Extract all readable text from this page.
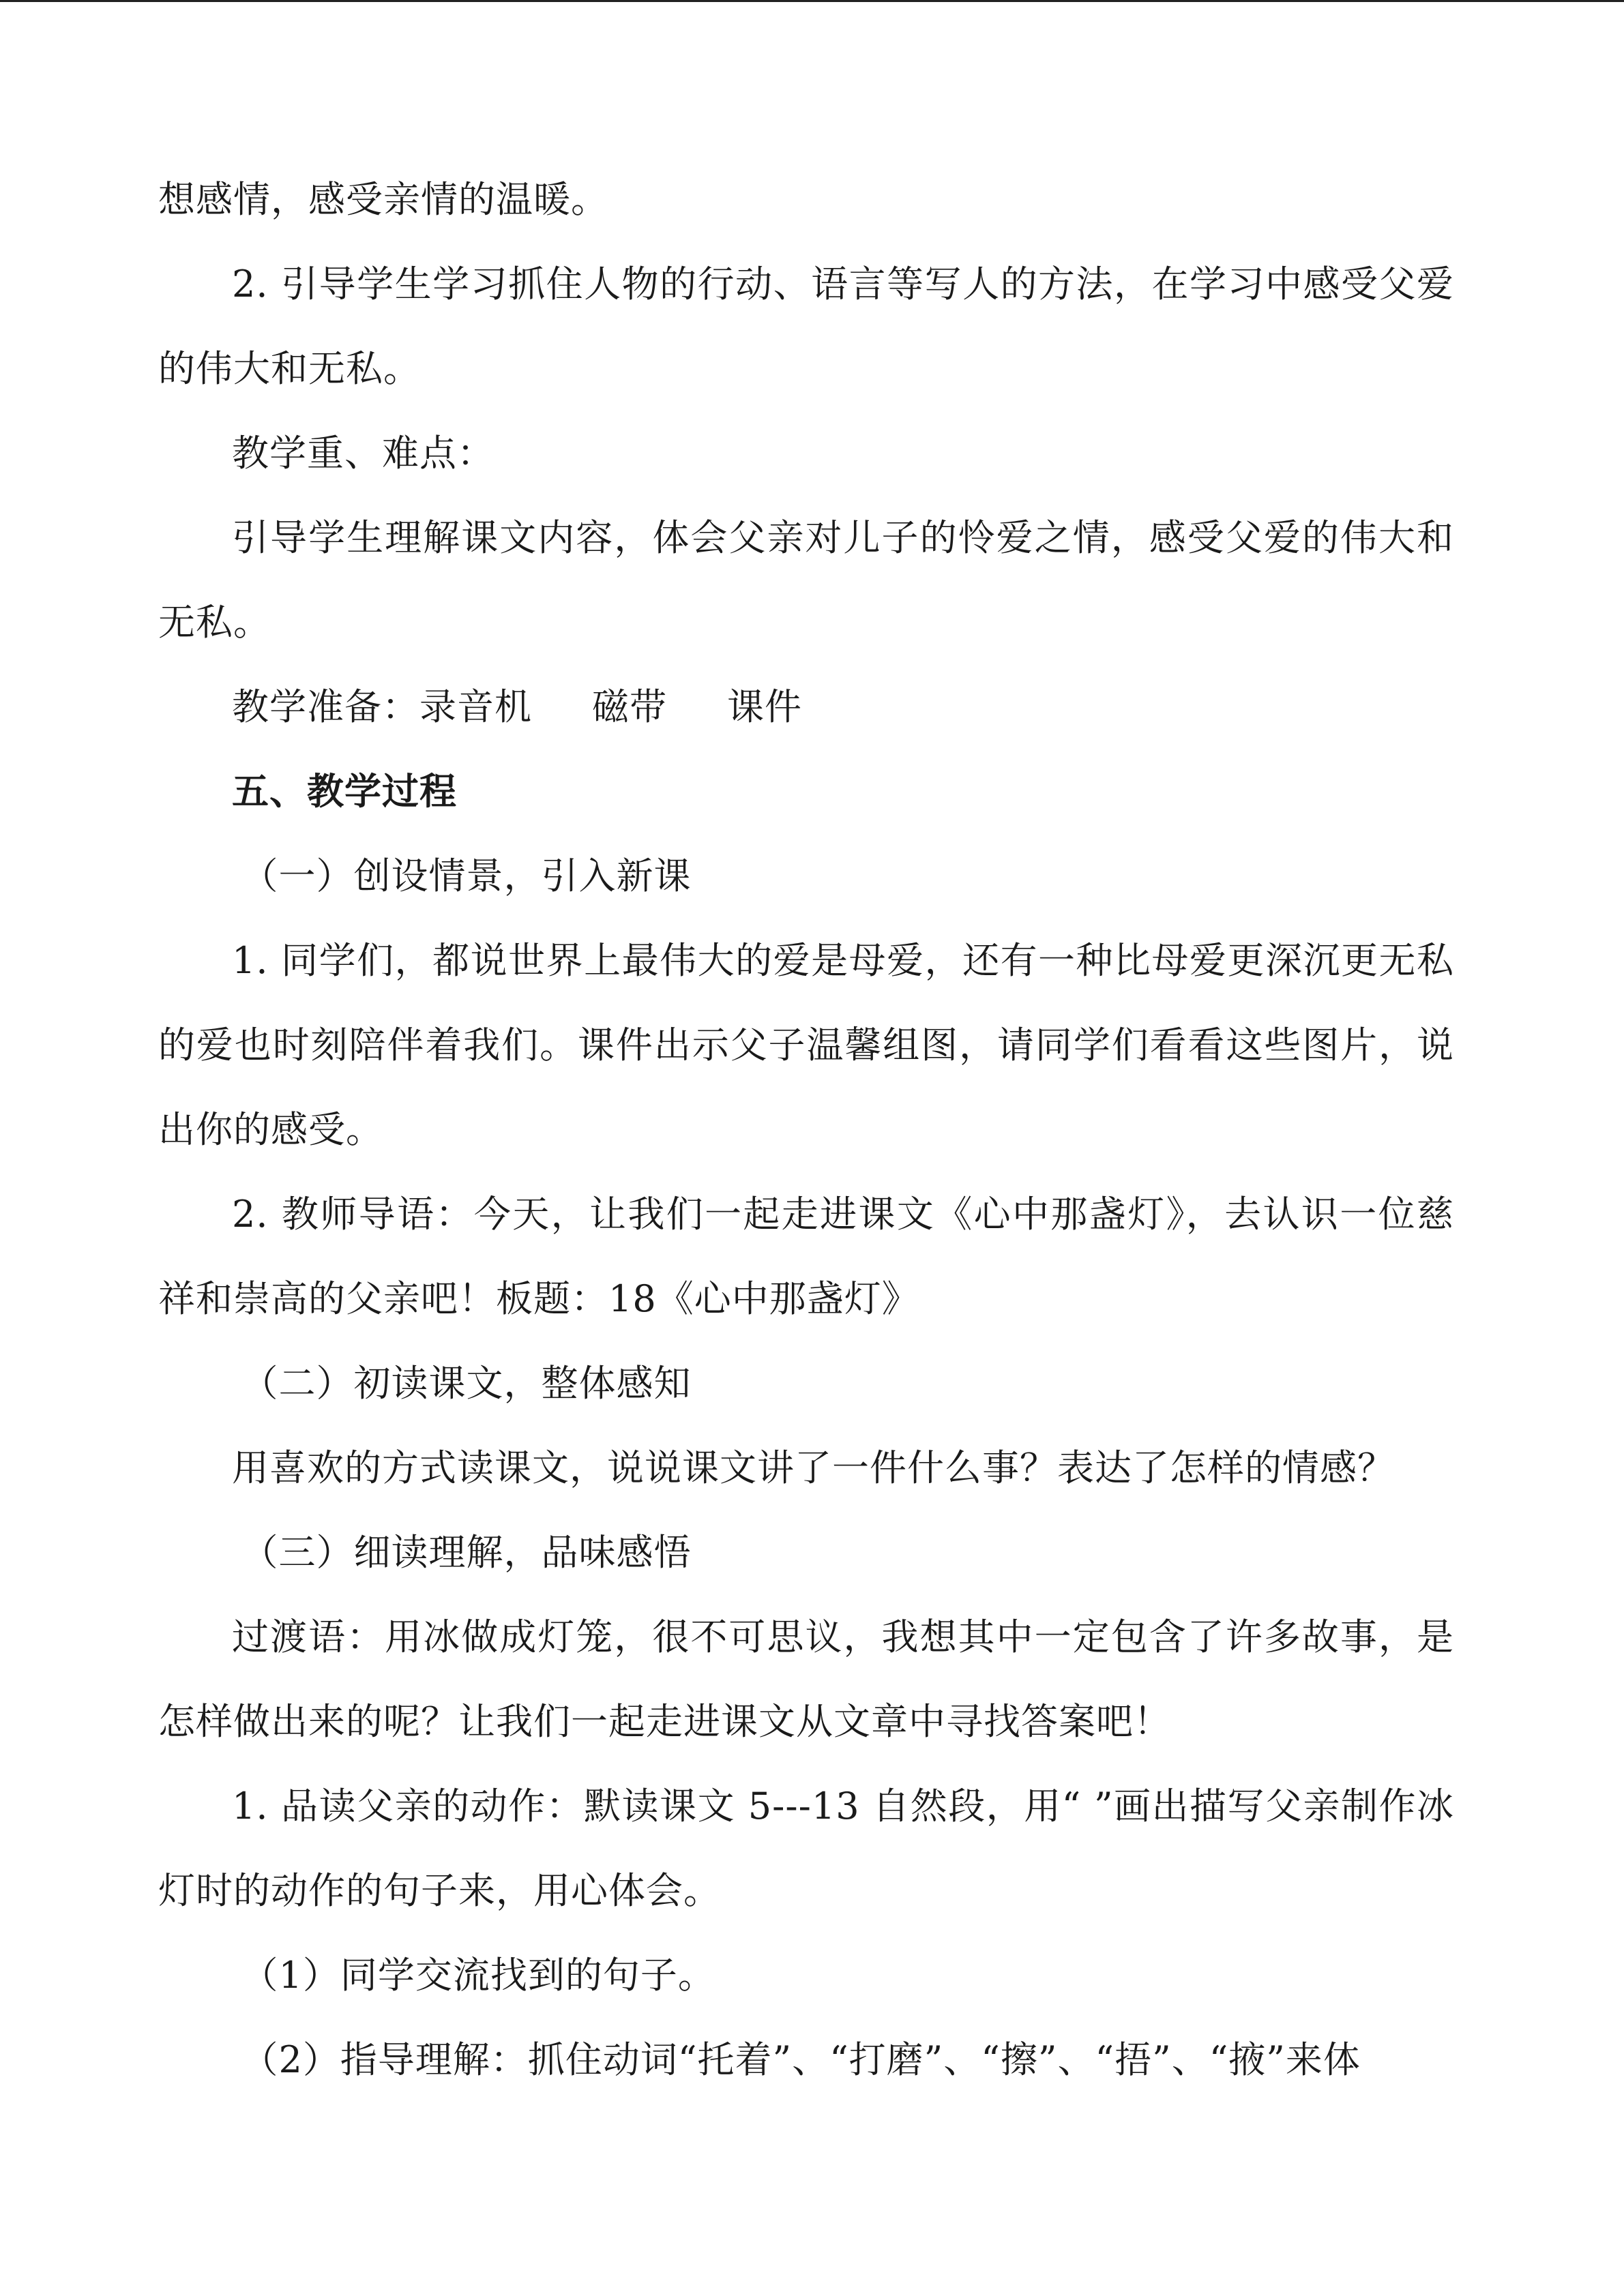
想感情，感受亲情的温暖。

2. 引导学生学习抓住人物的行动、语言等写人的方法，在学习中感受父爱的伟大和无私。

教学重、难点：

引导学生理解课文内容，体会父亲对儿子的怜爱之情，感受父爱的伟大和无私。

教学准备：录音机 磁带 课件

五、教学过程

（一）创设情景，引入新课

1. 同学们，都说世界上最伟大的爱是母爱，还有一种比母爱更深沉更无私的爱也时刻陪伴着我们。课件出示父子温馨组图，请同学们看看这些图片，说出你的感受。

2. 教师导语：今天，让我们一起走进课文《心中那盏灯》，去认识一位慈祥和崇高的父亲吧！板题：18《心中那盏灯》

（二）初读课文，整体感知

用喜欢的方式读课文，说说课文讲了一件什么事？表达了怎样的情感？

（三）细读理解，品味感悟

过渡语：用冰做成灯笼，很不可思议，我想其中一定包含了许多故事，是怎样做出来的呢？让我们一起走进课文从文章中寻找答案吧！

1. 品读父亲的动作：默读课文 5---13 自然段，用“ ”画出描写父亲制作冰灯时的动作的句子来，用心体会。

（1）同学交流找到的句子。

（2）指导理解：抓住动词“托着”、“打磨”、“擦”、“捂”、“掖”来体
